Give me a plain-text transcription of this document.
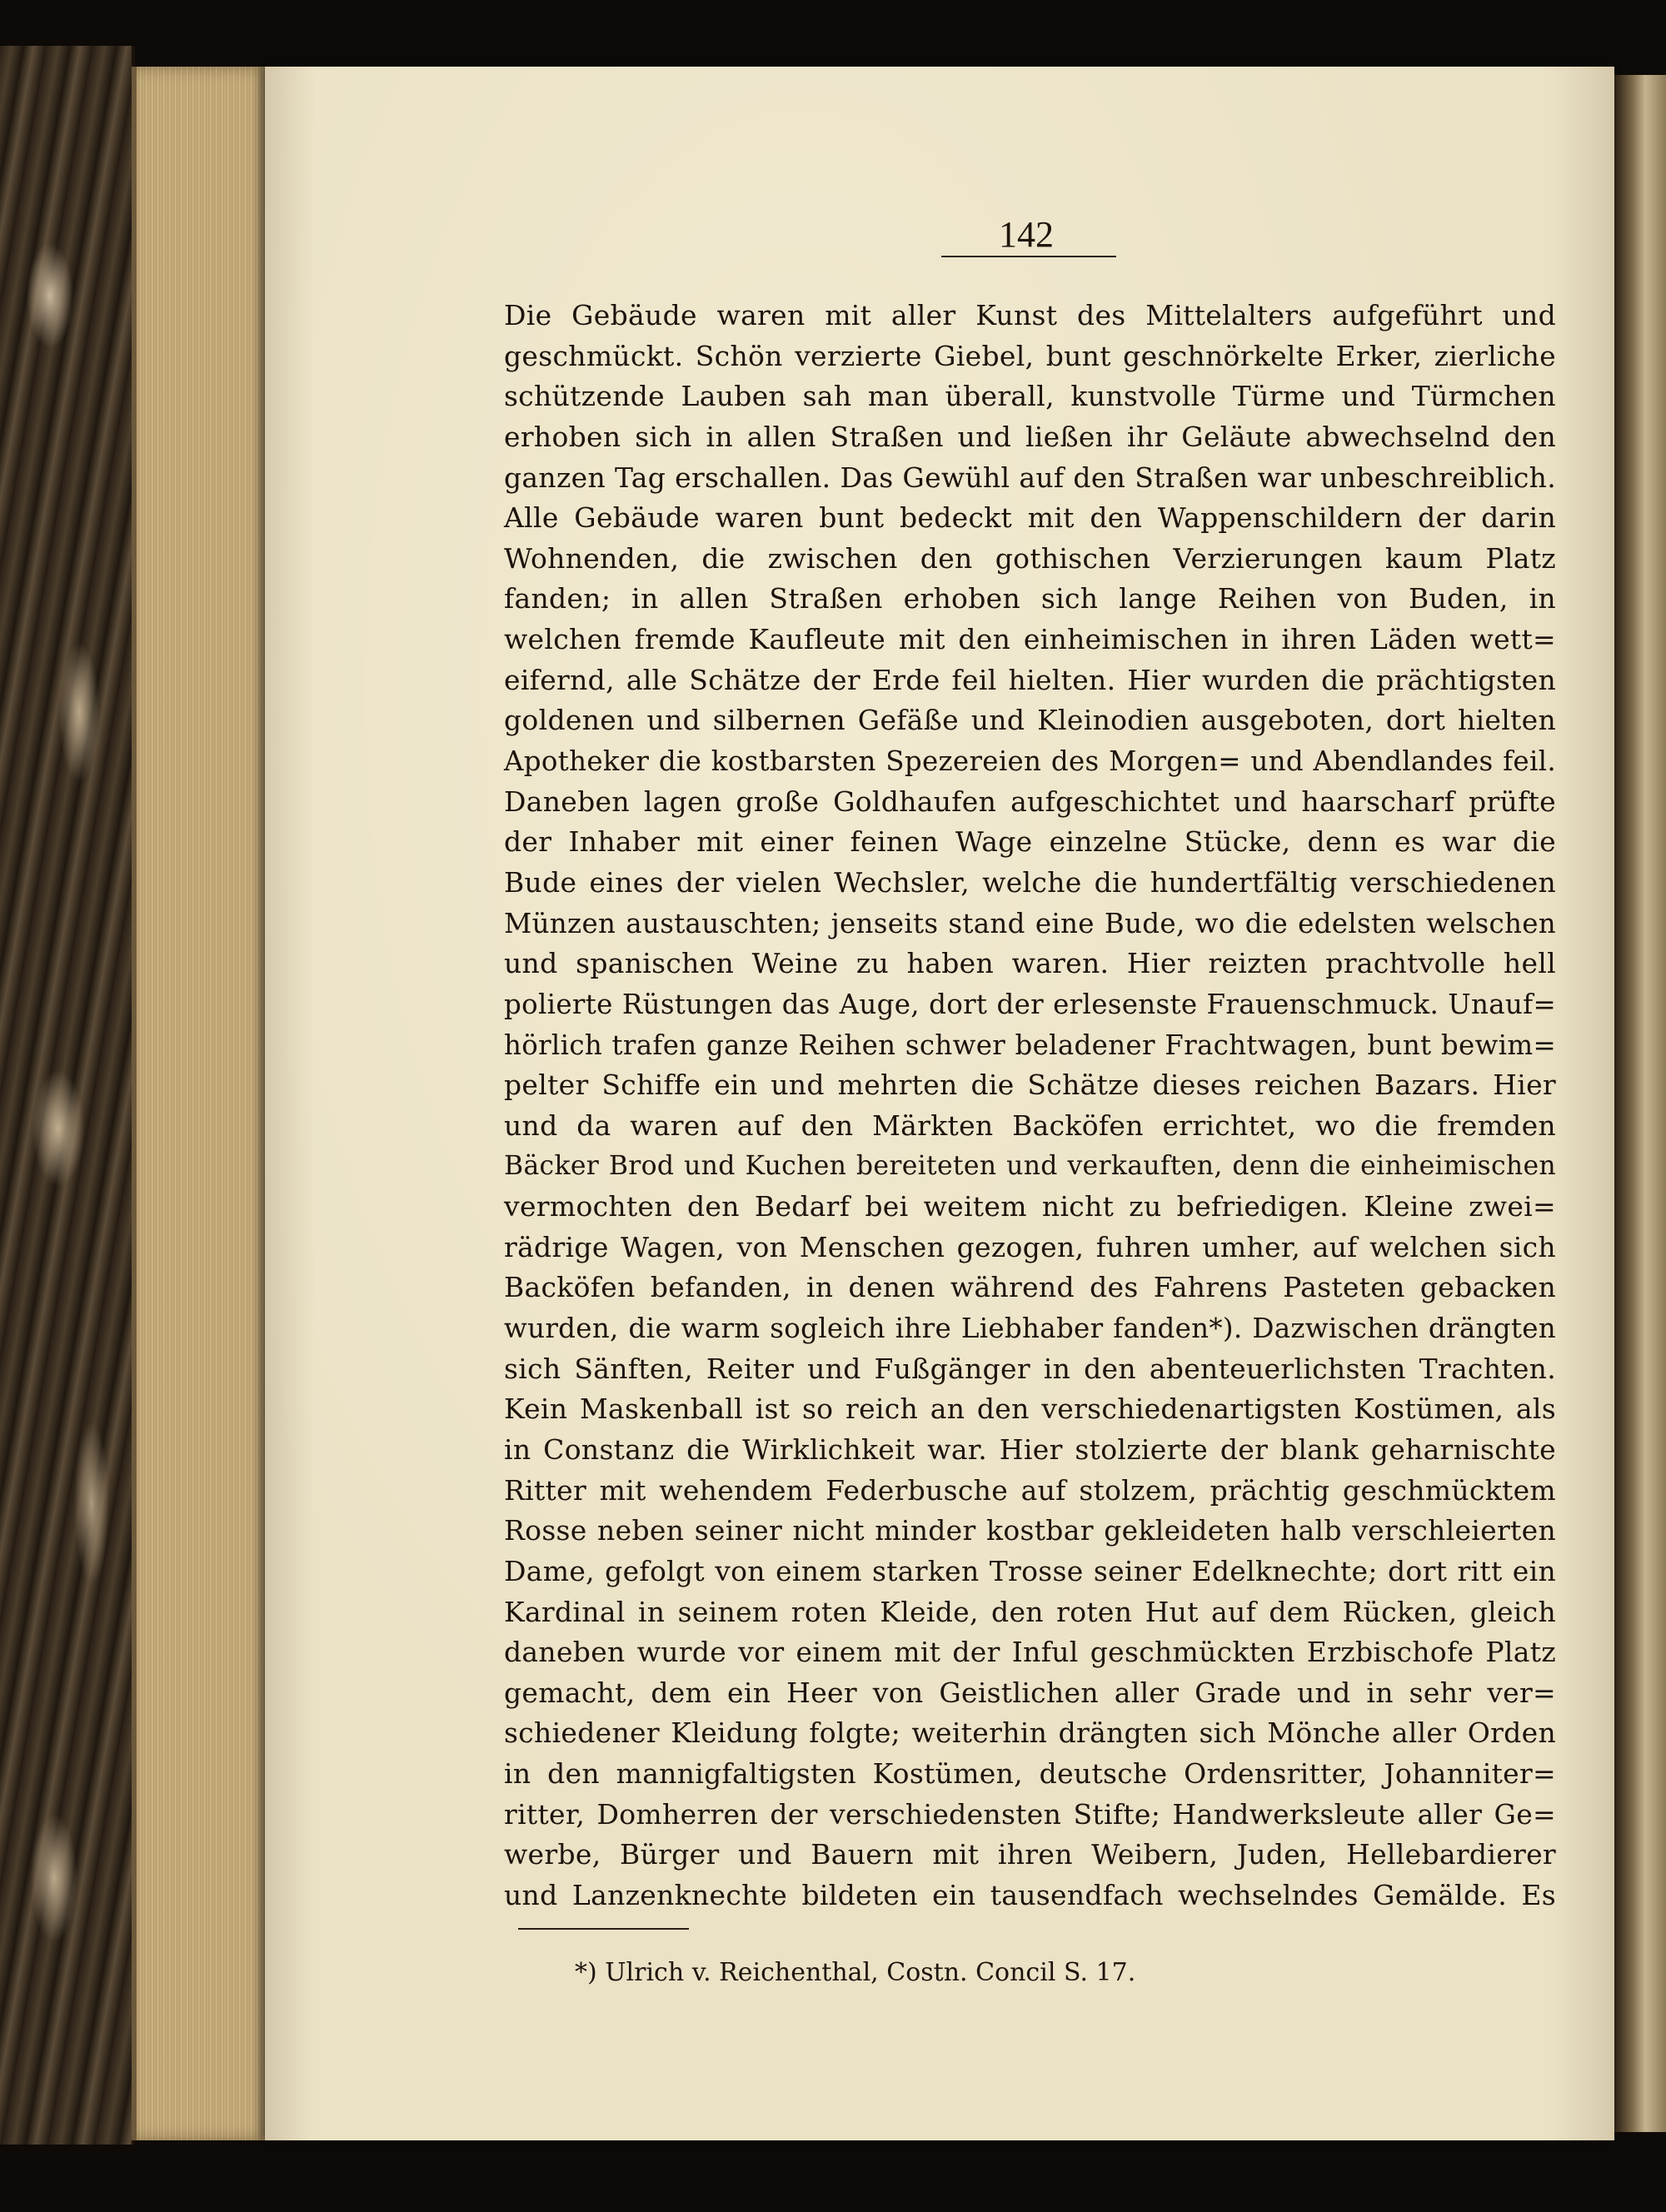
142
Die Gebäude waren mit aller Kunst des Mittelalters aufgeführt und
geschmückt. Schön verzierte Giebel, bunt geschnörkelte Erker, zierliche
schützende Lauben sah man überall, kunstvolle Türme und Türmchen
erhoben sich in allen Straßen und ließen ihr Geläute abwechselnd den
ganzen Tag erschallen. Das Gewühl auf den Straßen war unbeschreiblich.
Alle Gebäude waren bunt bedeckt mit den Wappenschildern der darin
Wohnenden, die zwischen den gothischen Verzierungen kaum Platz
fanden; in allen Straßen erhoben sich lange Reihen von Buden, in
welchen fremde Kaufleute mit den einheimischen in ihren Läden wett=
eifernd, alle Schätze der Erde feil hielten. Hier wurden die prächtigsten
goldenen und silbernen Gefäße und Kleinodien ausgeboten, dort hielten
Apotheker die kostbarsten Spezereien des Morgen= und Abendlandes feil.
Daneben lagen große Goldhaufen aufgeschichtet und haarscharf prüfte
der Inhaber mit einer feinen Wage einzelne Stücke, denn es war die
Bude eines der vielen Wechsler, welche die hundertfältig verschiedenen
Münzen austauschten; jenseits stand eine Bude, wo die edelsten welschen
und spanischen Weine zu haben waren. Hier reizten prachtvolle hell
polierte Rüstungen das Auge, dort der erlesenste Frauenschmuck. Unauf=
hörlich trafen ganze Reihen schwer beladener Frachtwagen, bunt bewim=
pelter Schiffe ein und mehrten die Schätze dieses reichen Bazars. Hier
und da waren auf den Märkten Backöfen errichtet, wo die fremden
Bäcker Brod und Kuchen bereiteten und verkauften, denn die einheimischen
vermochten den Bedarf bei weitem nicht zu befriedigen. Kleine zwei=
rädrige Wagen, von Menschen gezogen, fuhren umher, auf welchen sich
Backöfen befanden, in denen während des Fahrens Pasteten gebacken
wurden, die warm sogleich ihre Liebhaber fanden*). Dazwischen drängten
sich Sänften, Reiter und Fußgänger in den abenteuerlichsten Trachten.
Kein Maskenball ist so reich an den verschiedenartigsten Kostümen, als
in Constanz die Wirklichkeit war. Hier stolzierte der blank geharnischte
Ritter mit wehendem Federbusche auf stolzem, prächtig geschmücktem
Rosse neben seiner nicht minder kostbar gekleideten halb verschleierten
Dame, gefolgt von einem starken Trosse seiner Edelknechte; dort ritt ein
Kardinal in seinem roten Kleide, den roten Hut auf dem Rücken, gleich
daneben wurde vor einem mit der Inful geschmückten Erzbischofe Platz
gemacht, dem ein Heer von Geistlichen aller Grade und in sehr ver=
schiedener Kleidung folgte; weiterhin drängten sich Mönche aller Orden
in den mannigfaltigsten Kostümen, deutsche Ordensritter, Johanniter=
ritter, Domherren der verschiedensten Stifte; Handwerksleute aller Ge=
werbe, Bürger und Bauern mit ihren Weibern, Juden, Hellebardierer
und Lanzenknechte bildeten ein tausendfach wechselndes Gemälde. Es
*) Ulrich v. Reichenthal, Costn. Concil S. 17.
